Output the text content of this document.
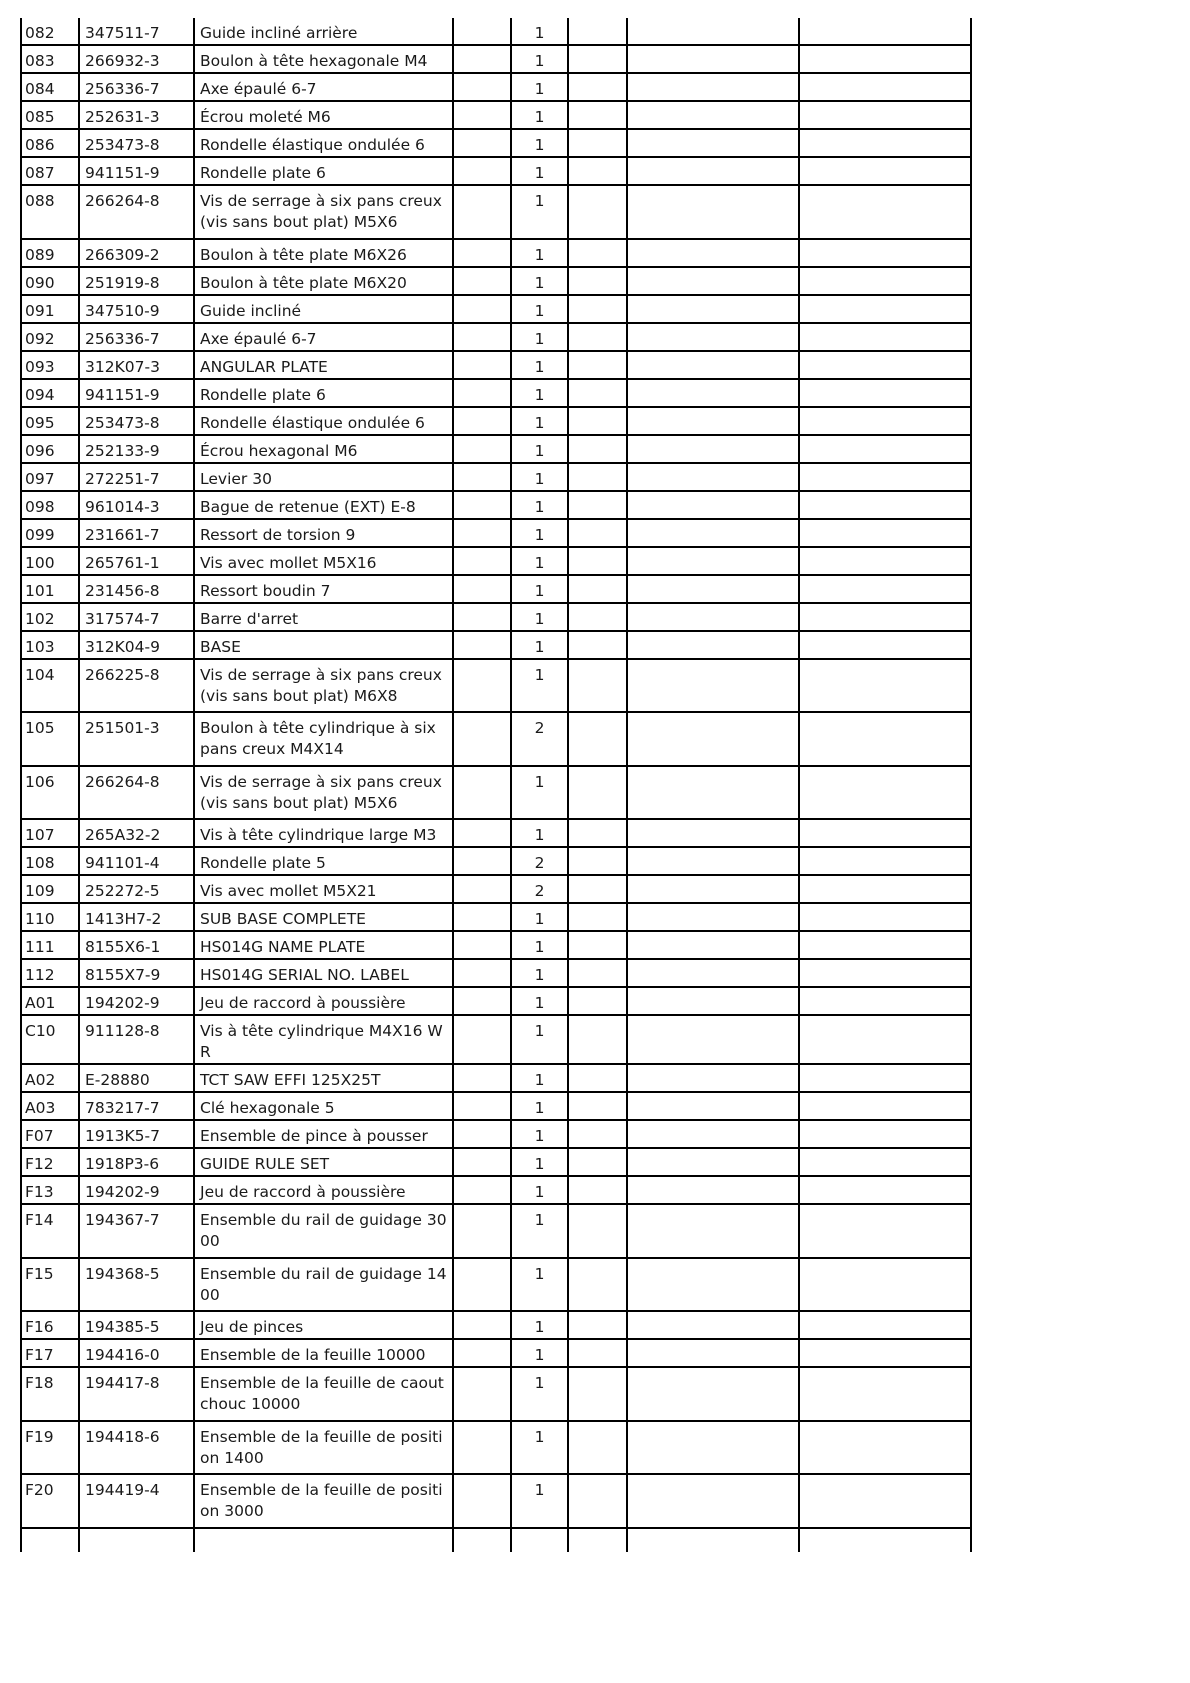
082	347511-7	Guide incliné arrière		1			
083	266932-3	Boulon à tête hexagonale M4		1			
084	256336-7	Axe épaulé 6-7		1			
085	252631-3	Écrou moleté M6		1			
086	253473-8	Rondelle élastique ondulée 6		1			
087	941151-9	Rondelle plate 6		1			
088	266264-8	Vis de serrage à six pans creux (vis sans bout plat) M5X6		1			
089	266309-2	Boulon à tête plate M6X26		1			
090	251919-8	Boulon à tête plate M6X20		1			
091	347510-9	Guide incliné		1			
092	256336-7	Axe épaulé 6-7		1			
093	312K07-3	ANGULAR PLATE		1			
094	941151-9	Rondelle plate 6		1			
095	253473-8	Rondelle élastique ondulée 6		1			
096	252133-9	Écrou hexagonal M6		1			
097	272251-7	Levier 30		1			
098	961014-3	Bague de retenue (EXT) E-8		1			
099	231661-7	Ressort de torsion 9		1			
100	265761-1	Vis avec mollet M5X16		1			
101	231456-8	Ressort boudin 7		1			
102	317574-7	Barre d'arret		1			
103	312K04-9	BASE		1			
104	266225-8	Vis de serrage à six pans creux (vis sans bout plat) M6X8		1			
105	251501-3	Boulon à tête cylindrique à six pans creux M4X14		2			
106	266264-8	Vis de serrage à six pans creux (vis sans bout plat) M5X6		1			
107	265A32-2	Vis à tête cylindrique large M3		1			
108	941101-4	Rondelle plate 5		2			
109	252272-5	Vis avec mollet M5X21		2			
110	1413H7-2	SUB BASE COMPLETE		1			
111	8155X6-1	HS014G NAME PLATE		1			
112	8155X7-9	HS014G SERIAL NO. LABEL		1			
A01	194202-9	Jeu de raccord à poussière		1			
C10	911128-8	Vis à tête cylindrique M4X16 WR		1			
A02	E-28880	TCT SAW EFFI 125X25T		1			
A03	783217-7	Clé hexagonale 5		1			
F07	1913K5-7	Ensemble de pince à pousser		1			
F12	1918P3-6	GUIDE RULE SET		1			
F13	194202-9	Jeu de raccord à poussière		1			
F14	194367-7	Ensemble du rail de guidage 3000		1			
F15	194368-5	Ensemble du rail de guidage 1400		1			
F16	194385-5	Jeu de pinces		1			
F17	194416-0	Ensemble de la feuille 10000		1			
F18	194417-8	Ensemble de la feuille de caoutchouc 10000		1			
F19	194418-6	Ensemble de la feuille de position 1400		1			
F20	194419-4	Ensemble de la feuille de position 3000		1			
